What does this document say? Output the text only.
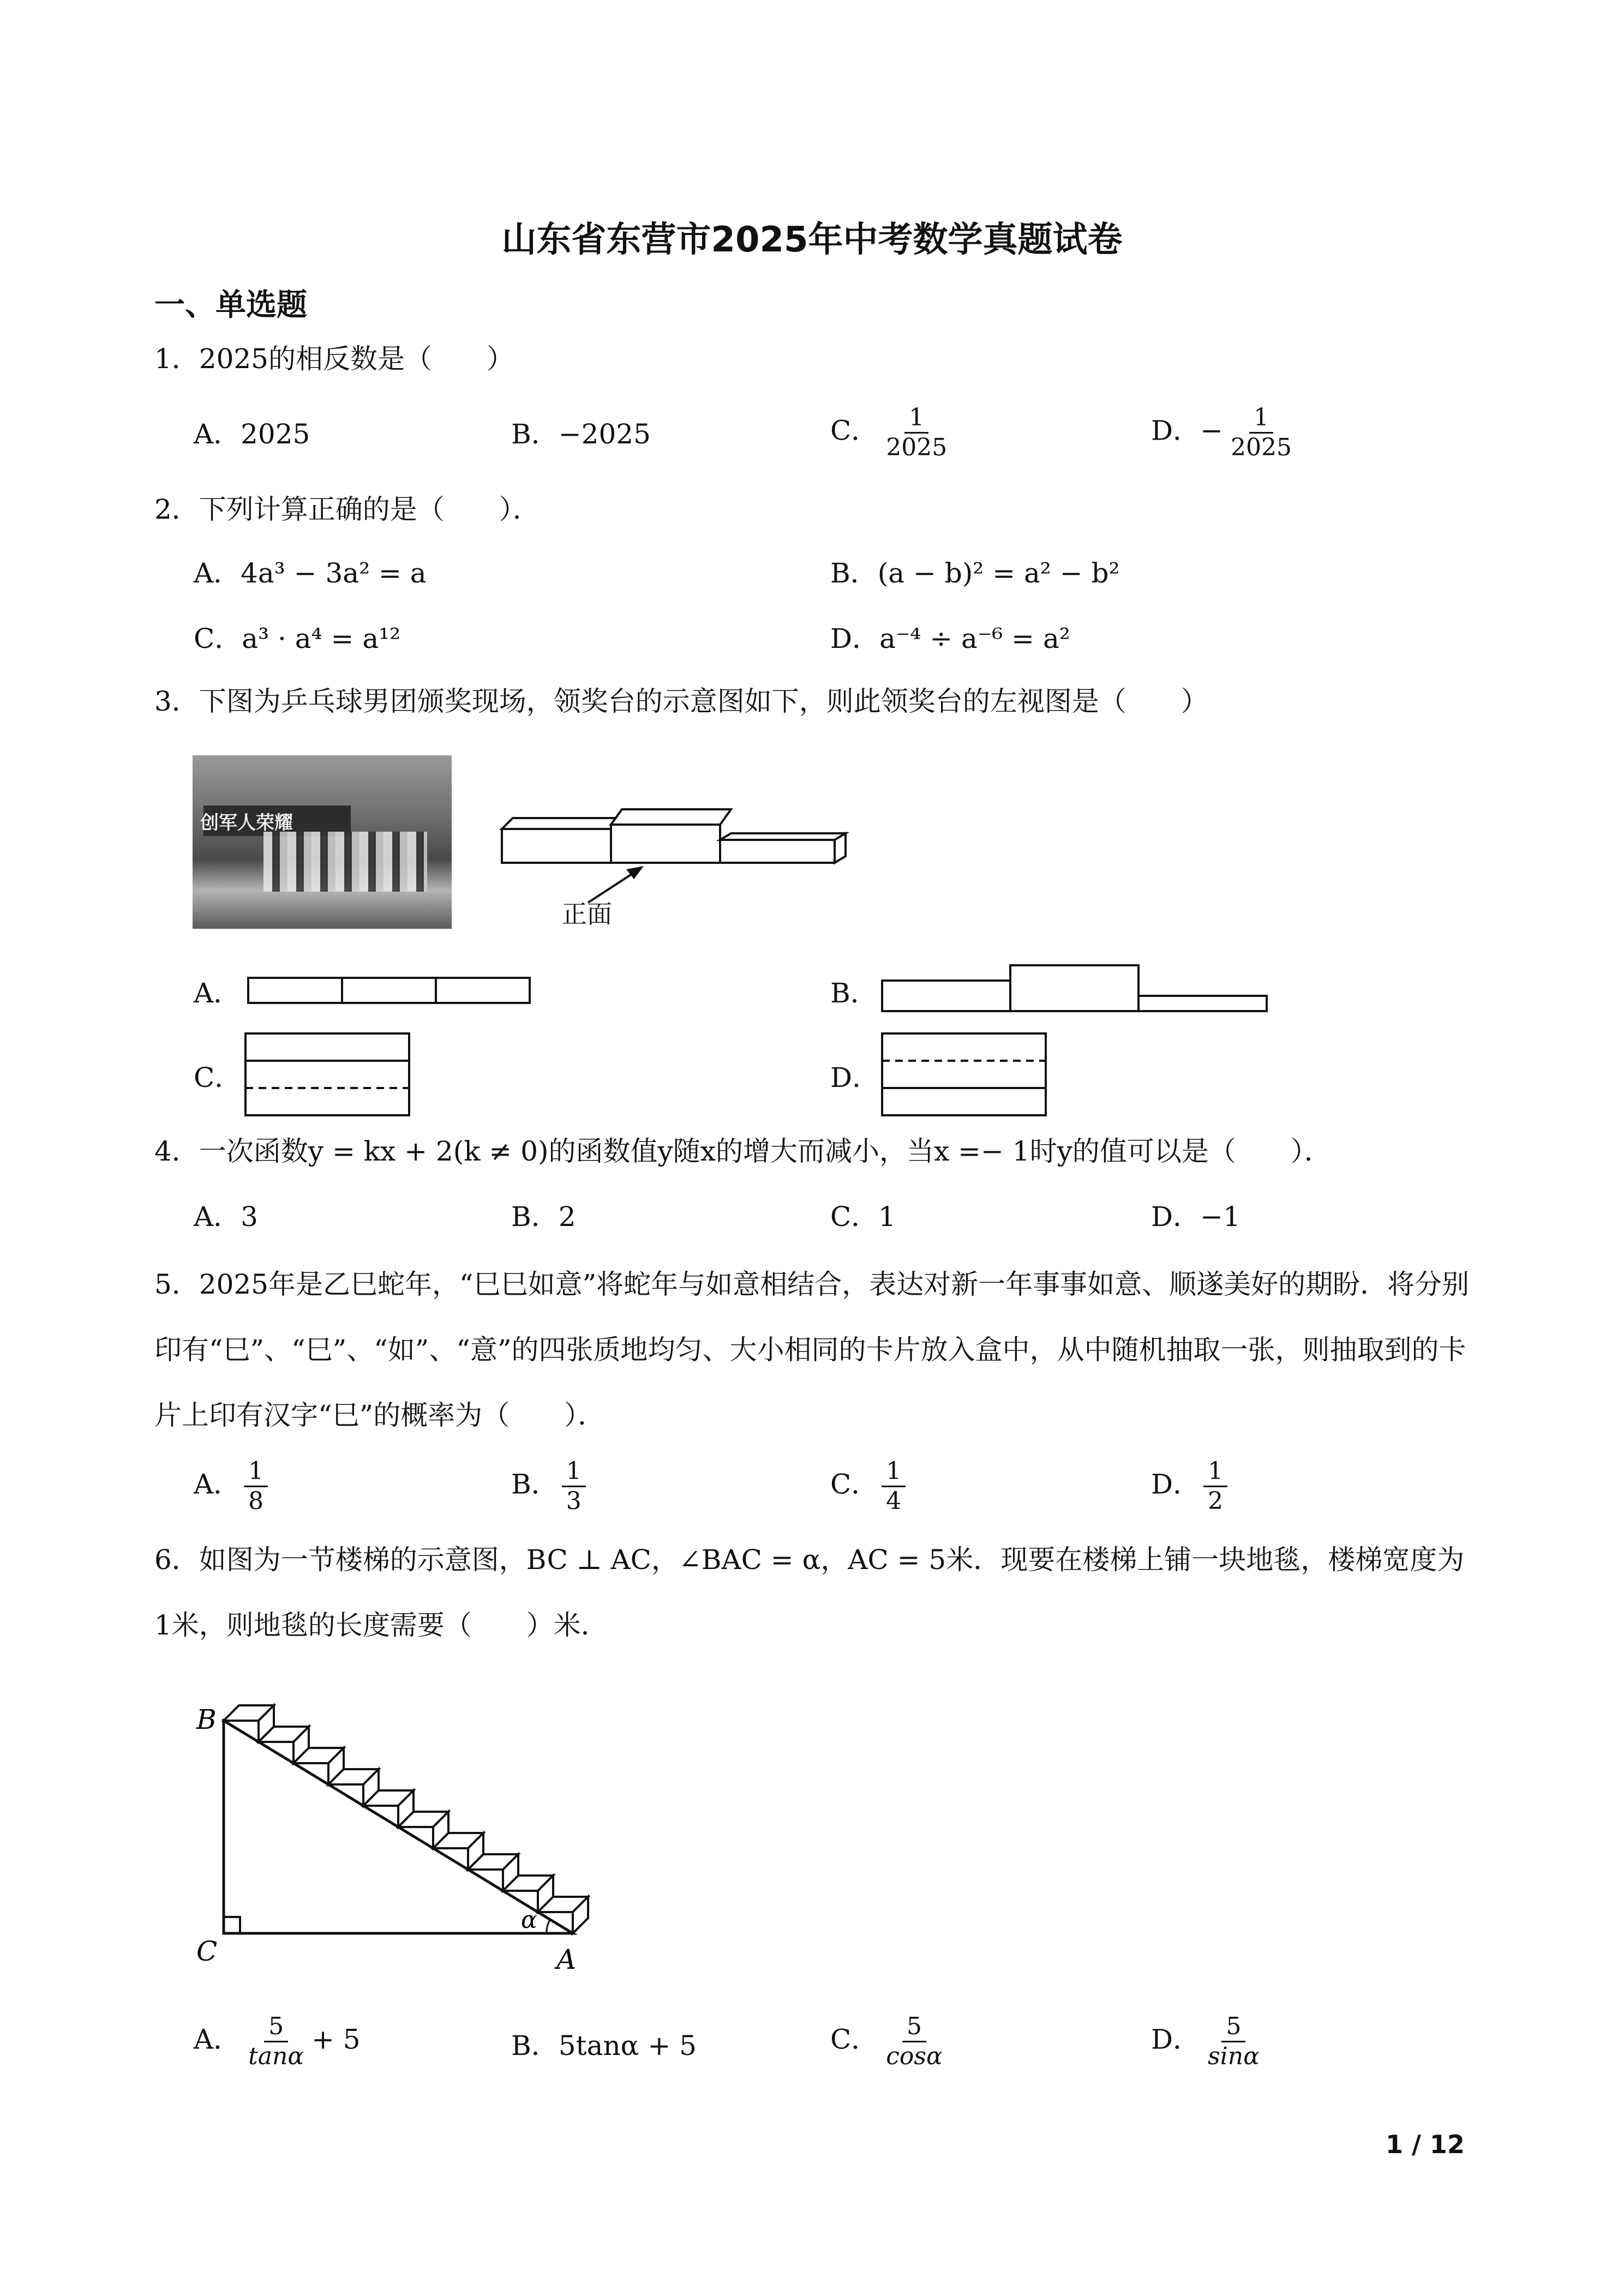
山东省东营市2025年中考数学真题试卷
一、单选题
1．2025的相反数是（　　）
A．2025	B．−2025	C． $\frac{1}{2025}$	D．− $\frac{1}{2025}$
2．下列计算正确的是（　　）．
A．4a³ − 3a² = a	B．(a − b)² = a² − b²
C．a³ · a⁴ = a¹²	D．a⁻⁴ ÷ a⁻⁶ = a²
3．下图为乒乓球男团颁奖现场，领奖台的示意图如下，则此领奖台的左视图是（　　）
创军人荣耀
正面
A．	B．
C．	D．
4．一次函数y = kx + 2(k ≠ 0)的函数值y随x的增大而减小，当x =− 1时y的值可以是（　　）．
A．3	B．2	C．1	D．−1
5．2025年是乙巳蛇年，“巳巳如意”将蛇年与如意相结合，表达对新一年事事如意、顺遂美好的期盼．将分别印有“巳”、“巳”、“如”、“意”的四张质地均匀、大小相同的卡片放入盒中，从中随机抽取一张，则抽取到的卡片上印有汉字“巳”的概率为（　　）．
A． $\frac{1}{8}$	B． $\frac{1}{3}$	C． $\frac{1}{4}$	D． $\frac{1}{2}$
6．如图为一节楼梯的示意图，BC ⊥ AC，∠BAC = α，AC = 5米．现要在楼梯上铺一块地毯，楼梯宽度为1米，则地毯的长度需要（　　）米．
B
C	A
α
A． $\frac{5}{\tan\alpha} + 5$	B．5tanα + 5	C． $\frac{5}{\cos\alpha}$	D． $\frac{5}{\sin\alpha}$
1 / 12
